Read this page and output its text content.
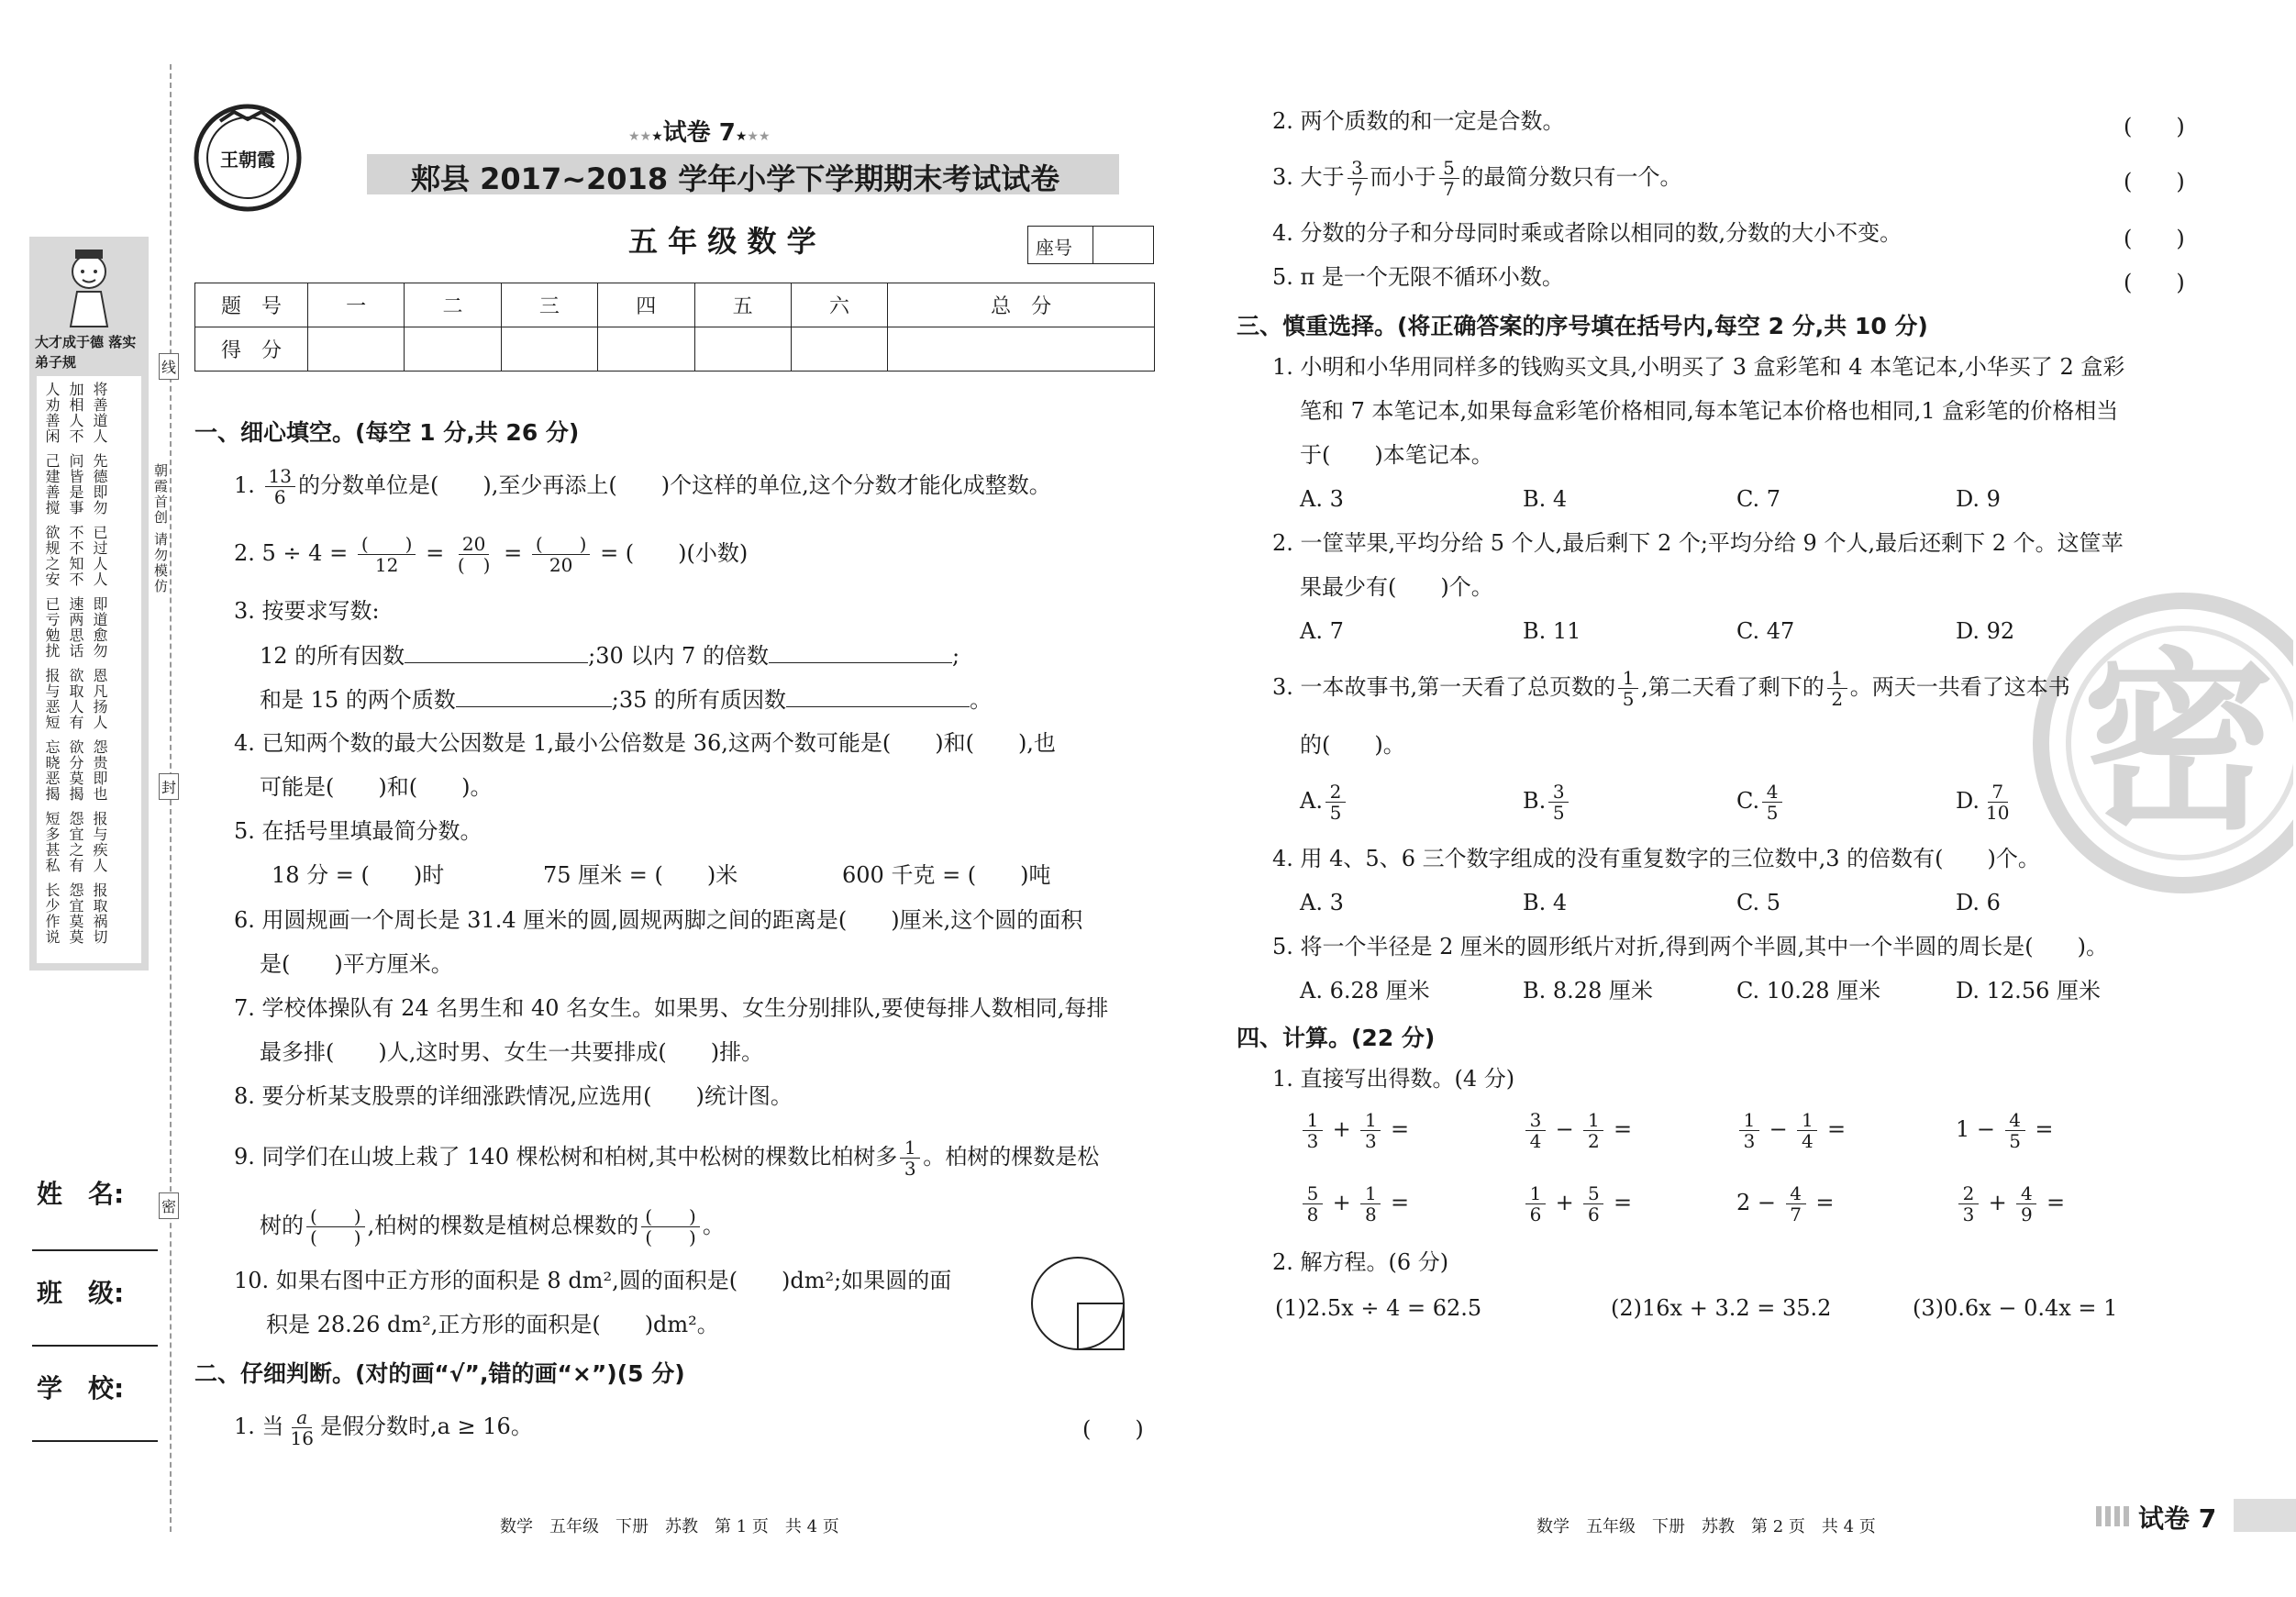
大才成于德 落实弟子规
将善道人
加相人不
人劝善闲
先德即勿
问皆是事
己建善搅
已过人人
不不知不
欲规之安
即道愈勿
速两思话
已亏勉扰
恩凡扬人
欲取人有
报与恶短
怨贵即也
欲分莫揭
忘晓恶揭
报与疾人
怨宜之有
短多甚私
报取祸切
怨宜莫莫
长少作说
朝霞首创 请勿模仿
线
封
密
姓　名:
班　级:
学　校:
王朝霞
★★★试卷 7★★★
郏县 2017~2018 学年小学下学期期末考试试卷
五 年 级 数 学	座号
题　号	一	二	三	四	五	六	总　分
得　分							
一、细心填空。(每空 1 分,共 26 分)
1. $\frac{13}{6}$ 的分数单位是(　　),至少再添上(　　)个这样的单位,这个分数才能化成整数。
2. $5 \div 4 = \frac{( )}{12} = \frac{20}{( )} = \frac{( )}{20}$ = (　　)(小数)
3. 按要求写数:
12 的所有因数	;30 以内 7 的倍数	;
和是 15 的两个质数	;35 的所有质因数	。
4. 已知两个数的最大公因数是 1,最小公倍数是 36,这两个数可能是(　　)和(　　),也
可能是(　　)和(　　)。
5. 在括号里填最简分数。
18 分 = (　　)时	75 厘米 = (　　)米	600 千克 = (　　)吨
6. 用圆规画一个周长是 31.4 厘米的圆,圆规两脚之间的距离是(　　)厘米,这个圆的面积
是(　　)平方厘米。
7. 学校体操队有 24 名男生和 40 名女生。如果男、女生分别排队,要使每排人数相同,每排
最多排(　　)人,这时男、女生一共要排成(　　)排。
8. 要分析某支股票的详细涨跌情况,应选用(　　)统计图。
9. 同学们在山坡上栽了 140 棵松树和柏树,其中松树的棵数比柏树多 $\frac{1}{3}$ 。柏树的棵数是松
树的 $\frac{( )}{( )}$ ,柏树的棵数是植树总棵数的 $\frac{( )}{( )}$ 。
10. 如果右图中正方形的面积是 8 dm²,圆的面积是(　　)dm²;如果圆的面
积是 28.26 dm²,正方形的面积是(　　)dm²。
二、仔细判断。(对的画“√”,错的画“×”)(5 分)
1. 当 $\frac{a}{16}$ 是假分数时,a ≥ 16。	(　　)
数学　五年级　下册　苏教　第 1 页　共 4 页
密
2. 两个质数的和一定是合数。	(　　)
3. 大于 $\frac{3}{7}$ 而小于 $\frac{5}{7}$ 的最简分数只有一个。	(　　)
4. 分数的分子和分母同时乘或者除以相同的数,分数的大小不变。	(　　)
5. π 是一个无限不循环小数。	(　　)
三、慎重选择。(将正确答案的序号填在括号内,每空 2 分,共 10 分)
1. 小明和小华用同样多的钱购买文具,小明买了 3 盒彩笔和 4 本笔记本,小华买了 2 盒彩
笔和 7 本笔记本,如果每盒彩笔价格相同,每本笔记本价格也相同,1 盒彩笔的价格相当
于(　　)本笔记本。
A. 3	B. 4	C. 7	D. 9
2. 一筐苹果,平均分给 5 个人,最后剩下 2 个;平均分给 9 个人,最后还剩下 2 个。这筐苹
果最少有(　　)个。
A. 7	B. 11	C. 47	D. 92
3. 一本故事书,第一天看了总页数的 $\frac{1}{5}$ ,第二天看了剩下的 $\frac{1}{2}$ 。两天一共看了这本书
的(　　)。
A. $\frac{2}{5}$	B. $\frac{3}{5}$	C. $\frac{4}{5}$	D. $\frac{7}{10}$
4. 用 4、5、6 三个数字组成的没有重复数字的三位数中,3 的倍数有(　　)个。
A. 3	B. 4	C. 5	D. 6
5. 将一个半径是 2 厘米的圆形纸片对折,得到两个半圆,其中一个半圆的周长是(　　)。
A. 6.28 厘米	B. 8.28 厘米	C. 10.28 厘米	D. 12.56 厘米
四、计算。(22 分)
1. 直接写出得数。(4 分)
$\frac{1}{3} + \frac{1}{3}$ =	$\frac{3}{4} - \frac{1}{2}$ =	$\frac{1}{3} - \frac{1}{4}$ =	$1 - \frac{4}{5}$ =
$\frac{5}{8} + \frac{1}{8}$ =	$\frac{1}{6} + \frac{5}{6}$ =	$2 - \frac{4}{7}$ =	$\frac{2}{3} + \frac{4}{9}$ =
2. 解方程。(6 分)
(1)2.5x ÷ 4 = 62.5	(2)16x + 3.2 = 35.2	(3)0.6x − 0.4x = 1
数学　五年级　下册　苏教　第 2 页　共 4 页	试卷 7
